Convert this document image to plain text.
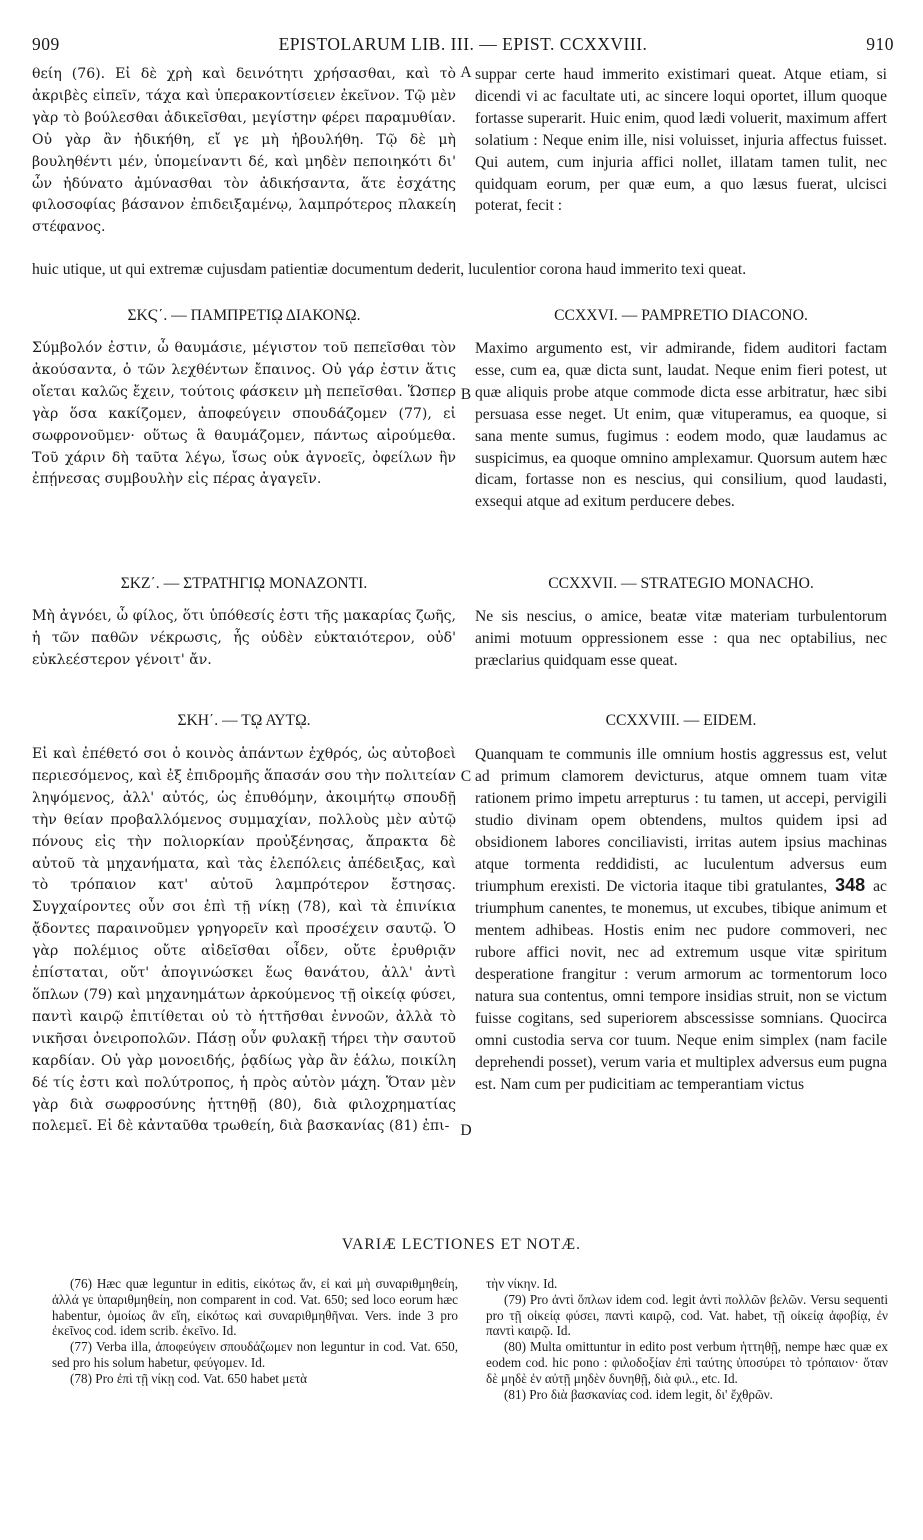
909	EPISTOLARUM LIB. III. — EPIST. CCXXVIII.	910
A
B
C
D

θείη (76). Εἰ δὲ χρὴ καὶ δεινότητι χρήσασθαι, καὶ τὸ ἀκριβὲς εἰπεῖν, τάχα καὶ ὑπερακοντίσειεν ἐκεῖνον. Τῷ μὲν γὰρ τὸ βούλεσθαι ἀδικεῖσθαι, μεγίστην φέρει παραμυθίαν. Οὐ γὰρ ἂν ἠδικήθη, εἴ γε μὴ ἠβουλήθη. Τῷ δὲ μὴ βουληθέντι μέν, ὑπομείναντι δέ, καὶ μηδὲν πεποιηκότι δι' ὧν ἠδύνατο ἀμύνασθαι τὸν ἀδικήσαντα, ἅτε ἐσχάτης φιλοσοφίας βάσανον ἐπιδειξαμένῳ, λαμπρότερος πλακείη στέφανος.

suppar certe haud immerito existimari queat. Atque etiam, si dicendi vi ac facultate uti, ac sincere loqui oportet, illum quoque fortasse superarit. Huic enim, quod lædi voluerit, maximum affert solatium : Neque enim ille, nisi voluisset, injuria affectus fuisset. Qui autem, cum injuria affici nollet, illatam tamen tulit, nec quidquam eorum, per quæ eum, a quo læsus fuerat, ulcisci poterat, fecit :

huic utique, ut qui extremæ cujusdam patientiæ documentum dederit, luculentior corona haud immerito texi queat.
ΣΚϚ΄. — ΠΑΜΠΡΕΤΙῼ ΔΙΑΚΟΝῼ.	CCXXVI. — PAMPRETIO DIACONO.

Σύμβολόν ἐστιν, ὦ θαυμάσιε, μέγιστον τοῦ πεπεῖσθαι τὸν ἀκούσαντα, ὁ τῶν λεχθέντων ἔπαινος. Οὐ γάρ ἐστιν ἅτις οἴεται καλῶς ἔχειν, τούτοις φάσκειν μὴ πεπεῖσθαι. Ὥσπερ γὰρ ὅσα κακίζομεν, ἀποφεύγειν σπουδάζομεν (77), εἰ σωφρονοῦμεν· οὕτως ἃ θαυμάζομεν, πάντως αἱρούμεθα. Τοῦ χάριν δὴ ταῦτα λέγω, ἴσως οὐκ ἀγνοεῖς, ὀφείλων ἣν ἐπῄνεσας συμβουλὴν εἰς πέρας ἀγαγεῖν.

Maximo argumento est, vir admirande, fidem auditori factam esse, cum ea, quæ dicta sunt, laudat. Neque enim fieri potest, ut quæ aliquis probe atque commode dicta esse arbitratur, hæc sibi persuasa esse neget. Ut enim, quæ vituperamus, ea quoque, si sana mente sumus, fugimus : eodem modo, quæ laudamus ac suspicimus, ea quoque omnino amplexamur. Quorsum autem hæc dicam, fortasse non es nescius, qui consilium, quod laudasti, exsequi atque ad exitum perducere debes.

ΣΚΖ΄. — ΣΤΡΑΤΗΓΙῼ ΜΟΝΑΖΟΝΤΙ.	CCXXVII. — STRATEGIO MONACHO.

Μὴ ἀγνόει, ὦ φίλος, ὅτι ὑπόθεσίς ἐστι τῆς μακαρίας ζωῆς, ἡ τῶν παθῶν νέκρωσις, ἧς οὐδὲν εὐκταιότερον, οὐδ' εὐκλεέστερον γένοιτ' ἄν.

Ne sis nescius, o amice, beatæ vitæ materiam turbulentorum animi motuum oppressionem esse : qua nec optabilius, nec præclarius quidquam esse queat.

ΣΚΗ΄. — Τῼ ΑΥΤῼ.	CCXXVIII. — EIDEM.

Εἰ καὶ ἐπέθετό σοι ὁ κοινὸς ἁπάντων ἐχθρός, ὡς αὐτοβοεὶ περιεσόμενος, καὶ ἐξ ἐπιδρομῆς ἅπασάν σου τὴν πολιτείαν ληψόμενος, ἀλλ' αὐτός, ὡς ἐπυθόμην, ἀκοιμήτῳ σπουδῇ τὴν θείαν προβαλλόμενος συμμαχίαν, πολλοὺς μὲν αὐτῷ πόνους εἰς τὴν πολιορκίαν προὐξένησας, ἄπρακτα δὲ αὐτοῦ τὰ μηχανήματα, καὶ τὰς ἑλεπόλεις ἀπέδειξας, καὶ τὸ τρόπαιον κατ' αὐτοῦ λαμπρότερον ἔστησας. Συγχαίροντες οὖν σοι ἐπὶ τῇ νίκῃ (78), καὶ τὰ ἐπινίκια ᾄδοντες παραινοῦμεν γρηγορεῖν καὶ προσέχειν σαυτῷ. Ὁ γὰρ πολέμιος οὔτε αἰδεῖσθαι οἶδεν, οὔτε ἐρυθριᾷν ἐπίσταται, οὔτ' ἀπογινώσκει ἕως θανάτου, ἀλλ' ἀντὶ ὅπλων (79) καὶ μηχανημάτων ἀρκούμενος τῇ οἰκείᾳ φύσει, παντὶ καιρῷ ἐπιτίθεται οὐ τὸ ἡττῆσθαι ἐννοῶν, ἀλλὰ τὸ νικῆσαι ὀνειροπολῶν. Πάσῃ οὖν φυλακῇ τήρει τὴν σαυτοῦ καρδίαν. Οὐ γὰρ μονοειδής, ῥᾳδίως γὰρ ἂν ἑάλω, ποικίλη δέ τίς ἐστι καὶ πολύτροπος, ἡ πρὸς αὐτὸν μάχη. Ὅταν μὲν γὰρ διὰ σωφροσύνης ἡττηθῇ (80), διὰ φιλοχρηματίας πολεμεῖ. Εἰ δὲ κἀνταῦθα τρωθείη, διὰ βασκανίας (81) ἐπι-

Quanquam te communis ille omnium hostis aggressus est, velut ad primum clamorem devicturus, atque omnem tuam vitæ rationem primo impetu arrepturus : tu tamen, ut accepi, pervigili studio divinam opem obtendens, multos quidem ipsi ad obsidionem labores conciliavisti, irritas autem ipsius machinas atque tormenta reddidisti, ac luculentum adversus eum triumphum erexisti. De victoria itaque tibi gratulantes, 348 ac triumphum canentes, te monemus, ut excubes, tibique animum et mentem adhibeas. Hostis enim nec pudore commoveri, nec rubore affici novit, nec ad extremum usque vitæ spiritum desperatione frangitur : verum armorum ac tormentorum loco natura sua contentus, omni tempore insidias struit, non se victum fuisse cogitans, sed superiorem abscessisse somnians. Quocirca omni custodia serva cor tuum. Neque enim simplex (nam facile deprehendi posset), verum varia et multiplex adversus eum pugna est. Nam cum per pudicitiam ac temperantiam victus

VARIÆ LECTIONES ET NOTÆ.

(76) Hæc quæ leguntur in editis, εἰκότως ἄν, εἰ καὶ μὴ συναριθμηθείη, ἀλλά γε ὑπαριθμηθείη, non comparent in cod. Vat. 650; sed loco eorum hæc habentur, ὁμοίως ἂν εἴη, εἰκότως καὶ συναριθμηθῆναι. Vers. inde 3 pro ἐκεῖνος cod. idem scrib. ἐκεῖνο. Id.

(77) Verba illa, ἀποφεύγειν σπουδάζωμεν non leguntur in cod. Vat. 650, sed pro his solum habetur, φεύγομεν. Id.

(78) Pro ἐπὶ τῇ νίκῃ cod. Vat. 650 habet μετὰ

τὴν νίκην. Id.

(79) Pro ἀντὶ ὅπλων idem cod. legit ἀντὶ πολλῶν βελῶν. Versu sequenti pro τῇ οἰκείᾳ φύσει, παντὶ καιρῷ, cod. Vat. habet, τῇ οἰκείᾳ ἀφοβίᾳ, ἐν παντὶ καιρῷ. Id.

(80) Multa omittuntur in edito post verbum ἡττηθῇ, nempe hæc quæ ex eodem cod. hic pono : φιλοδοξίαν ἐπὶ ταύτης ὑποσύρει τὸ τρόπαιον· ὅταν δὲ μηδὲ ἐν αὐτῇ μηδὲν δυνηθῇ, διὰ φιλ., etc. Id.

(81) Pro διὰ βασκανίας cod. idem legit, δι' ἔχθρῶν.
